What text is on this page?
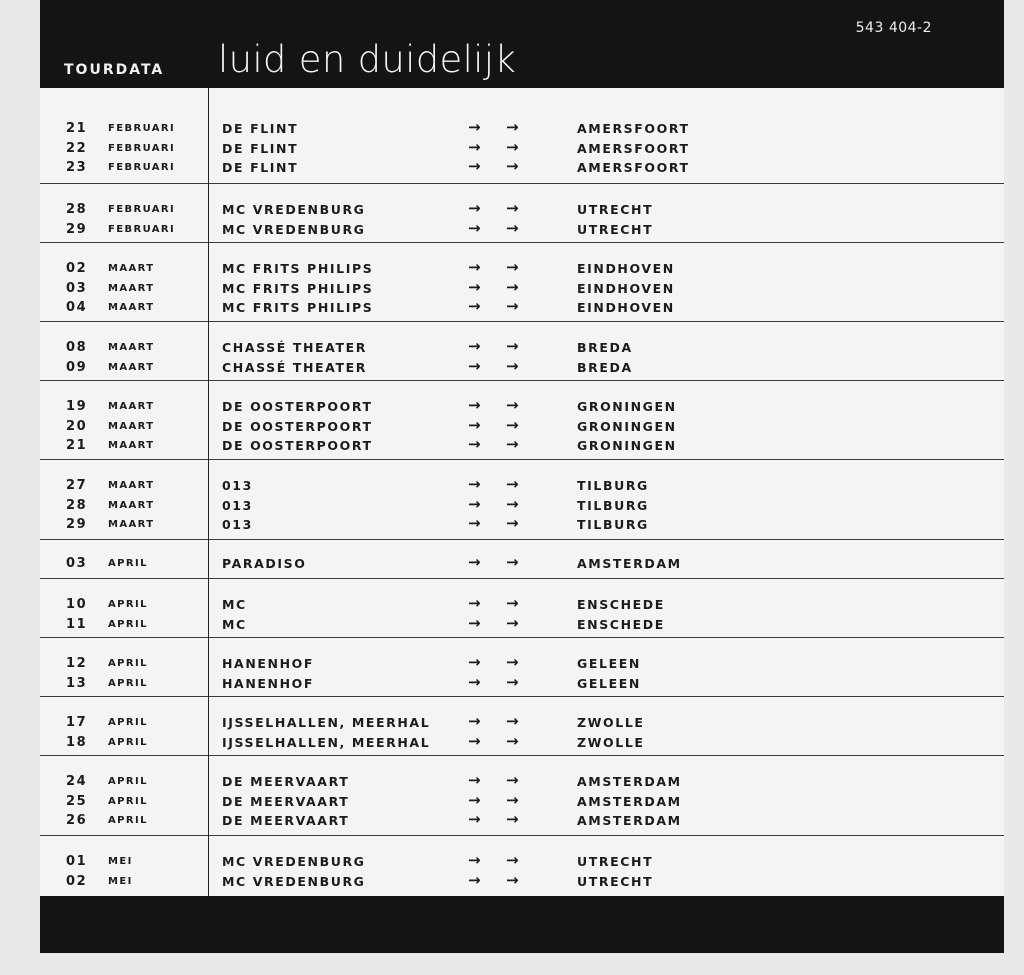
543 404-2
TOURDATA luid en duidelijk
21	FEBRUARI	DE FLINT	→ →	AMERSFOORT
22	FEBRUARI	DE FLINT	→ →	AMERSFOORT
23	FEBRUARI	DE FLINT	→ →	AMERSFOORT
28	FEBRUARI	MC VREDENBURG	→ →	UTRECHT
29	FEBRUARI	MC VREDENBURG	→ →	UTRECHT
02	MAART	MC FRITS PHILIPS	→ →	EINDHOVEN
03	MAART	MC FRITS PHILIPS	→ →	EINDHOVEN
04	MAART	MC FRITS PHILIPS	→ →	EINDHOVEN
08	MAART	CHASSÉ THEATER	→ →	BREDA
09	MAART	CHASSÉ THEATER	→ →	BREDA
19	MAART	DE OOSTERPOORT	→ →	GRONINGEN
20	MAART	DE OOSTERPOORT	→ →	GRONINGEN
21	MAART	DE OOSTERPOORT	→ →	GRONINGEN
27	MAART	013	→ →	TILBURG
28	MAART	013	→ →	TILBURG
29	MAART	013	→ →	TILBURG
03	APRIL	PARADISO	→ →	AMSTERDAM
10	APRIL	MC	→ →	ENSCHEDE
11	APRIL	MC	→ →	ENSCHEDE
12	APRIL	HANENHOF	→ →	GELEEN
13	APRIL	HANENHOF	→ →	GELEEN
17	APRIL	IJSSELHALLEN, MEERHAL	→ →	ZWOLLE
18	APRIL	IJSSELHALLEN, MEERHAL	→ →	ZWOLLE
24	APRIL	DE MEERVAART	→ →	AMSTERDAM
25	APRIL	DE MEERVAART	→ →	AMSTERDAM
26	APRIL	DE MEERVAART	→ →	AMSTERDAM
01	MEI	MC VREDENBURG	→ →	UTRECHT
02	MEI	MC VREDENBURG	→ →	UTRECHT
